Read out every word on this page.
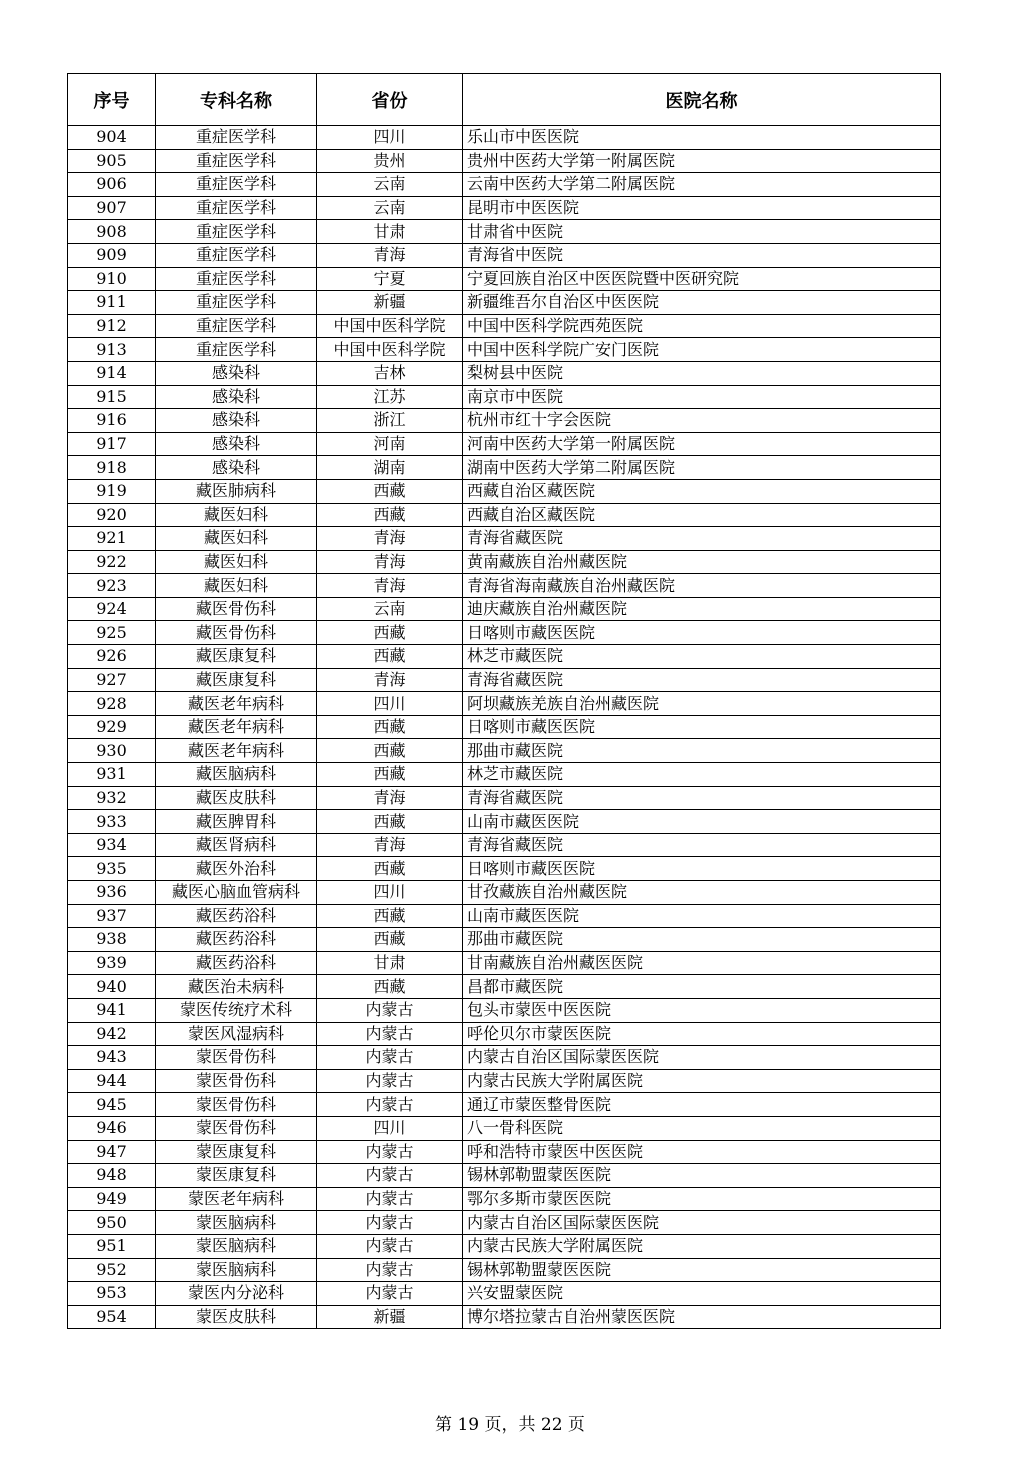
序号	专科名称	省份	医院名称
904	重症医学科	四川	乐山市中医医院
905	重症医学科	贵州	贵州中医药大学第一附属医院
906	重症医学科	云南	云南中医药大学第二附属医院
907	重症医学科	云南	昆明市中医医院
908	重症医学科	甘肃	甘肃省中医院
909	重症医学科	青海	青海省中医院
910	重症医学科	宁夏	宁夏回族自治区中医医院暨中医研究院
911	重症医学科	新疆	新疆维吾尔自治区中医医院
912	重症医学科	中国中医科学院	中国中医科学院西苑医院
913	重症医学科	中国中医科学院	中国中医科学院广安门医院
914	感染科	吉林	梨树县中医院
915	感染科	江苏	南京市中医院
916	感染科	浙江	杭州市红十字会医院
917	感染科	河南	河南中医药大学第一附属医院
918	感染科	湖南	湖南中医药大学第二附属医院
919	藏医肺病科	西藏	西藏自治区藏医院
920	藏医妇科	西藏	西藏自治区藏医院
921	藏医妇科	青海	青海省藏医院
922	藏医妇科	青海	黄南藏族自治州藏医院
923	藏医妇科	青海	青海省海南藏族自治州藏医院
924	藏医骨伤科	云南	迪庆藏族自治州藏医院
925	藏医骨伤科	西藏	日喀则市藏医医院
926	藏医康复科	西藏	林芝市藏医院
927	藏医康复科	青海	青海省藏医院
928	藏医老年病科	四川	阿坝藏族羌族自治州藏医院
929	藏医老年病科	西藏	日喀则市藏医医院
930	藏医老年病科	西藏	那曲市藏医院
931	藏医脑病科	西藏	林芝市藏医院
932	藏医皮肤科	青海	青海省藏医院
933	藏医脾胃科	西藏	山南市藏医医院
934	藏医肾病科	青海	青海省藏医院
935	藏医外治科	西藏	日喀则市藏医医院
936	藏医心脑血管病科	四川	甘孜藏族自治州藏医院
937	藏医药浴科	西藏	山南市藏医医院
938	藏医药浴科	西藏	那曲市藏医院
939	藏医药浴科	甘肃	甘南藏族自治州藏医医院
940	藏医治未病科	西藏	昌都市藏医院
941	蒙医传统疗术科	内蒙古	包头市蒙医中医医院
942	蒙医风湿病科	内蒙古	呼伦贝尔市蒙医医院
943	蒙医骨伤科	内蒙古	内蒙古自治区国际蒙医医院
944	蒙医骨伤科	内蒙古	内蒙古民族大学附属医院
945	蒙医骨伤科	内蒙古	通辽市蒙医整骨医院
946	蒙医骨伤科	四川	八一骨科医院
947	蒙医康复科	内蒙古	呼和浩特市蒙医中医医院
948	蒙医康复科	内蒙古	锡林郭勒盟蒙医医院
949	蒙医老年病科	内蒙古	鄂尔多斯市蒙医医院
950	蒙医脑病科	内蒙古	内蒙古自治区国际蒙医医院
951	蒙医脑病科	内蒙古	内蒙古民族大学附属医院
952	蒙医脑病科	内蒙古	锡林郭勒盟蒙医医院
953	蒙医内分泌科	内蒙古	兴安盟蒙医院
954	蒙医皮肤科	新疆	博尔塔拉蒙古自治州蒙医医院
第 19 页，共 22 页
